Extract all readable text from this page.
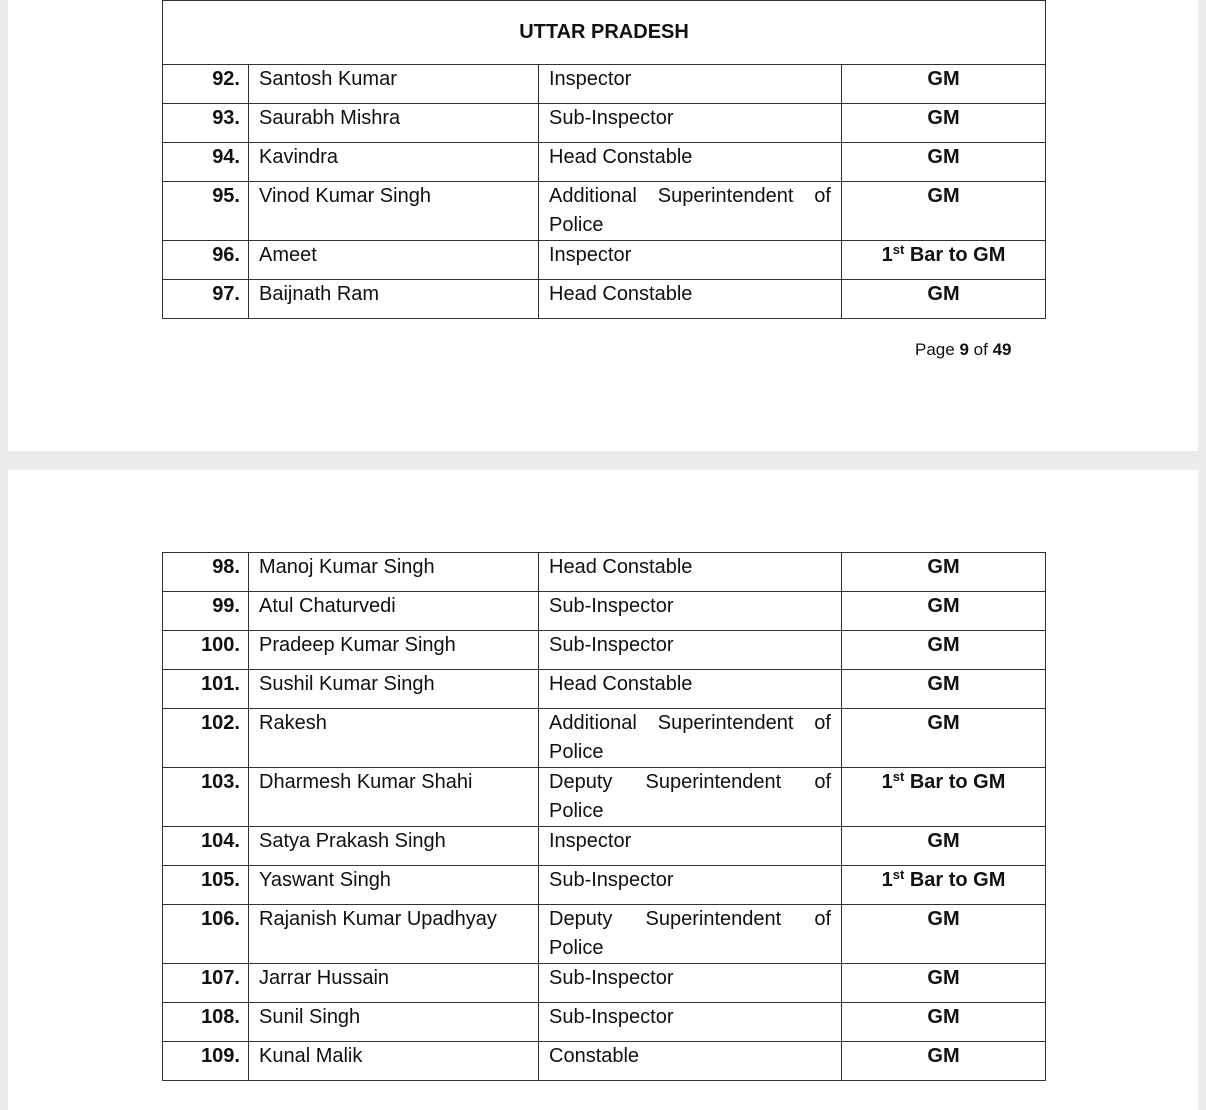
UTTAR PRADESH			
92.	Santosh Kumar	Inspector	GM
93.	Saurabh Mishra	Sub-Inspector	GM
94.	Kavindra	Head Constable	GM
95.	Vinod Kumar Singh	Additional Superintendent of Police	GM
96.	Ameet	Inspector	1st Bar to GM
97.	Baijnath Ram	Head Constable	GM
Page 9 of 49
98.	Manoj Kumar Singh	Head Constable	GM
99.	Atul Chaturvedi	Sub-Inspector	GM
100.	Pradeep Kumar Singh	Sub-Inspector	GM
101.	Sushil Kumar Singh	Head Constable	GM
102.	Rakesh	Additional Superintendent of Police	GM
103.	Dharmesh Kumar Shahi	Deputy Superintendent of Police	1st Bar to GM
104.	Satya Prakash Singh	Inspector	GM
105.	Yaswant Singh	Sub-Inspector	1st Bar to GM
106.	Rajanish Kumar Upadhyay	Deputy Superintendent of Police	GM
107.	Jarrar Hussain	Sub-Inspector	GM
108.	Sunil Singh	Sub-Inspector	GM
109.	Kunal Malik	Constable	GM
